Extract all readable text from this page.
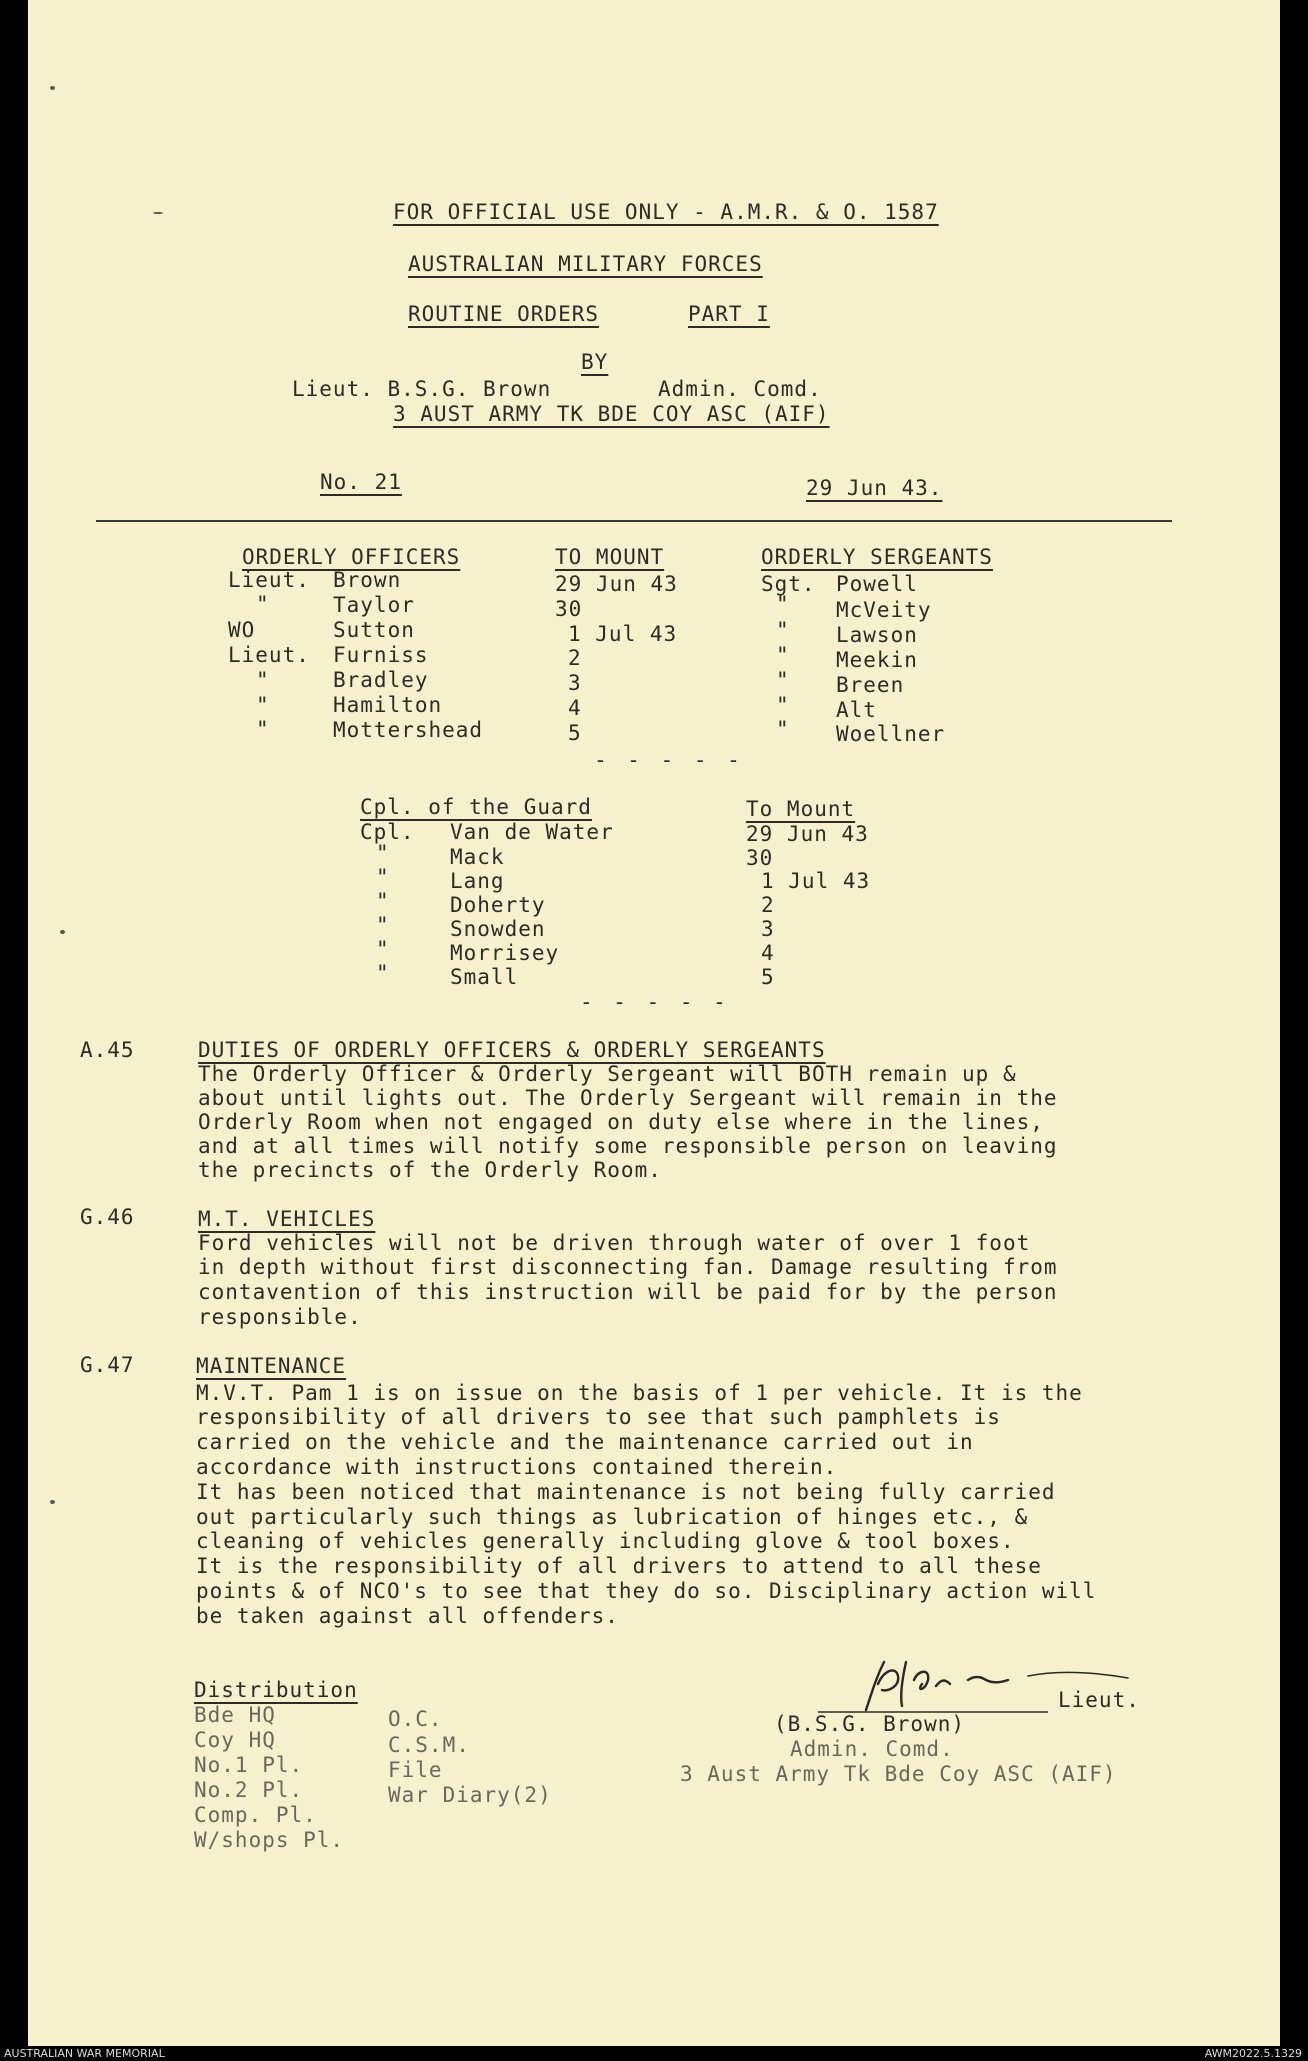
FOR OFFICIAL USE ONLY - A.M.R. & O. 1587
AUSTRALIAN MILITARY FORCES
ROUTINE ORDERS	PART I
BY
Lieut. B.S.G. Brown	Admin. Comd.
3 AUST ARMY TK BDE COY ASC (AIF)
No. 21	29 Jun 43.
ORDERLY OFFICERS	TO MOUNT	ORDERLY SERGEANTS
Lieut. Brown	29 Jun 43	Sgt. Powell
"	Taylor	30	" McVeity
WO	Sutton	1 Jul 43	" Lawson
Lieut. Furniss	2	" Meekin
"	Bradley	3	" Breen
"	Hamilton	4	" Alt
"	Mottershead	5	" Woellner
- - - - -
Cpl. of the Guard	To Mount
Cpl. Van de Water	29 Jun 43
"	Mack	30
"	Lang	1 Jul 43
"	Doherty	2
"	Snowden	3
"	Morrisey	4
"	Small	5
- - - - -
A.45	DUTIES OF ORDERLY OFFICERS & ORDERLY SERGEANTS
The Orderly Officer & Orderly Sergeant will BOTH remain up &
about until lights out. The Orderly Sergeant will remain in the
Orderly Room when not engaged on duty else where in the lines,
and at all times will notify some responsible person on leaving
the precincts of the Orderly Room.
G.46	M.T. VEHICLES
Ford vehicles will not be driven through water of over 1 foot
in depth without first disconnecting fan. Damage resulting from
contavention of this instruction will be paid for by the person
responsible.
G.47	MAINTENANCE
M.V.T. Pam 1 is on issue on the basis of 1 per vehicle. It is the
responsibility of all drivers to see that such pamphlets is
carried on the vehicle and the maintenance carried out in
accordance with instructions contained therein.
It has been noticed that maintenance is not being fully carried
out particularly such things as lubrication of hinges etc., &
cleaning of vehicles generally including glove & tool boxes.
It is the responsibility of all drivers to attend to all these
points & of NCO's to see that they do so. Disciplinary action will
be taken against all offenders.
Distribution
Bde HQ
Coy HQ
No.1 Pl.
No.2 Pl.
Comp. Pl.
W/shops Pl.
O.C.
C.S.M.
File
War Diary(2)
Lieut.
(B.S.G. Brown)
Admin. Comd.
3 Aust Army Tk Bde Coy ASC (AIF)
AUSTRALIAN WAR MEMORIAL	AWM2022.5.1329
